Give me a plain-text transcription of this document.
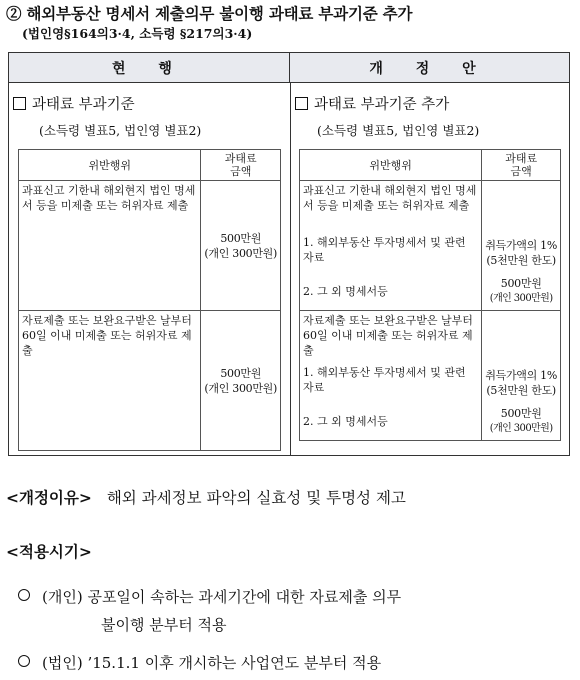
② 해외부동산 명세서 제출의무 불이행 과태료 부과기준 추가
(법인영§164의3·4, 소득령 §217의3·4)
현 행	개 정 안
과태료 부과기준
(소득령 별표5, 법인영 별표2)
위반행위	과태료
금액
과표신고 기한내 해외현지 법인 명세서 등을 미제출 또는 허위자료 제출	500만원
(개인 300만원)

자료제출 또는 보완요구받은 날부터 60일 이내 미제출 또는 허위자료 제출	500만원
(개인 300만원)
과태료 부과기준 추가
(소득령 별표5, 법인영 별표2)
위반행위	과태료
금액
과표신고 기한내 해외현지 법인 명세서 등을 미제출 또는 허위자료 제출	
1. 해외부동산 투자명세서 및 관련 자료	취득가액의 1%
(5천만원 한도)

2. 그 외 명세서등	500만원
(개인 300만원)

자료제출 또는 보완요구받은 날부터 60일 이내 미제출 또는 허위자료 제출	
1. 해외부동산 투자명세서 및 관련 자료	취득가액의 1%
(5천만원 한도)

2. 그 외 명세서등	500만원
(개인 300만원)
<개정이유> 해외 과세정보 파악의 실효성 및 투명성 제고
<적용시기>
(개인) 공포일이 속하는 과세기간에 대한 자료제출 의무
불이행 분부터 적용
(법인) ’15.1.1 이후 개시하는 사업연도 분부터 적용
